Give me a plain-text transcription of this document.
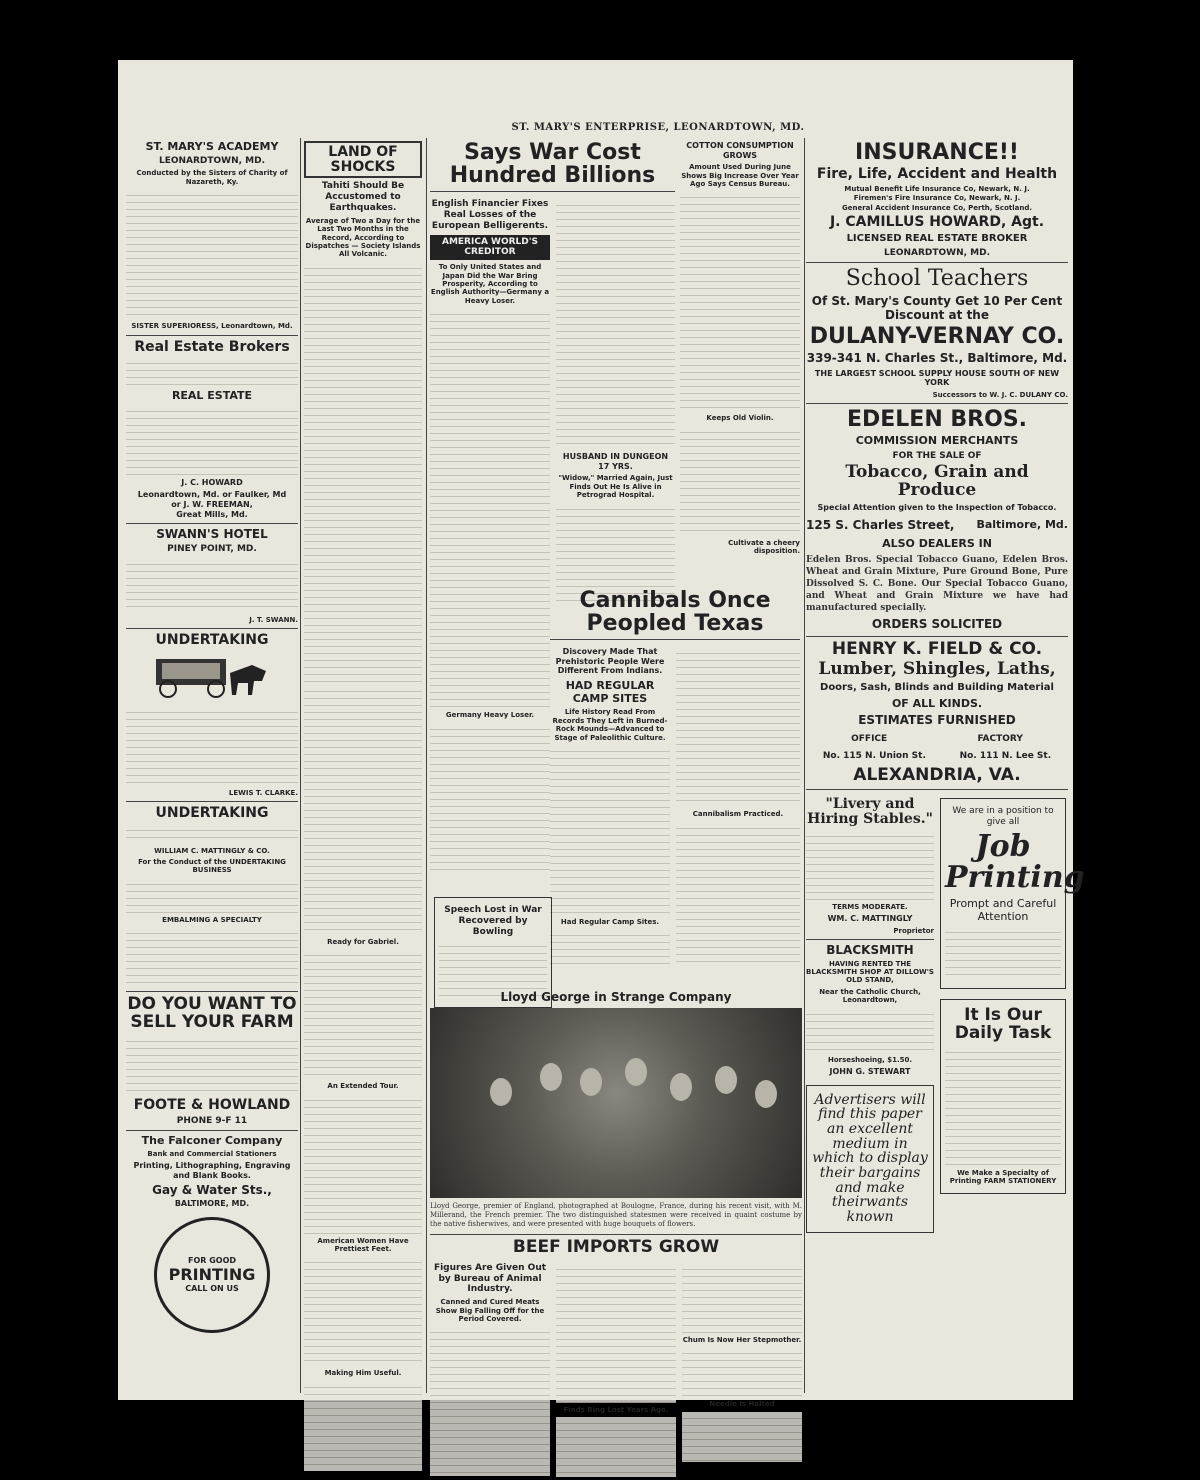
ST. MARY'S ENTERPRISE, LEONARDTOWN, MD.
ST. MARY'S ACADEMY
LEONARDTOWN, MD.
Conducted by the Sisters of Charity of Nazareth, Ky.
SISTER SUPERIORESS, Leonardtown, Md.
Real Estate Brokers
REAL ESTATE
J. C. HOWARD
Leonardtown, Md. or Faulker, Md
or J. W. FREEMAN,
Great Mills, Md.
SWANN'S HOTEL
PINEY POINT, MD.
J. T. SWANN.
UNDERTAKING
LEWIS T. CLARKE.
UNDERTAKING
WILLIAM C. MATTINGLY & CO.
For the Conduct of the UNDERTAKING BUSINESS
EMBALMING A SPECIALTY
DO YOU WANT TO SELL YOUR FARM
FOOTE & HOWLAND
PHONE 9-F 11
The Falconer Company
Bank and Commercial Stationers
Printing, Lithographing, Engraving and Blank Books.
Gay & Water Sts.,
BALTIMORE, MD.
FOR GOOD
PRINTING
CALL ON US
LAND OF SHOCKS
Tahiti Should Be Accustomed to Earthquakes.
Average of Two a Day for the Last Two Months in the Record, According to Dispatches — Society Islands All Volcanic.
Ready for Gabriel.
An Extended Tour.
American Women Have Prettiest Feet.
Making Him Useful.
Says War Cost Hundred Billions
English Financier Fixes Real Losses of the European Belligerents.
AMERICA WORLD'S CREDITOR
To Only United States and Japan Did the War Bring Prosperity, According to English Authority—Germany a Heavy Loser.
Germany Heavy Loser.
HUSBAND IN DUNGEON 17 YRS.
"Widow," Married Again, Just Finds Out He Is Alive in Petrograd Hospital.
COTTON CONSUMPTION GROWS
Amount Used During June Shows Big Increase Over Year Ago Says Census Bureau.
Keeps Old Violin.
Cultivate a cheery disposition.
Cannibals Once Peopled Texas
Discovery Made That Prehistoric People Were Different From Indians.
HAD REGULAR CAMP SITES
Life History Read From Records They Left in Burned-Rock Mounds—Advanced to Stage of Paleolithic Culture.
Had Regular Camp Sites.
Cannibalism Practiced.
Speech Lost in War Recovered by Bowling
Lloyd George in Strange Company
Lloyd George, premier of England, photographed at Boulogne, France, during his recent visit, with M. Millerand, the French premier. The two distinguished statesmen were received in quaint costume by the native fisherwives, and were presented with huge bouquets of flowers.
BEEF IMPORTS GROW
Figures Are Given Out by Bureau of Animal Industry.
Canned and Cured Meats Show Big Falling Off for the Period Covered.
Finds Ring Lost Years Ago.
Chum Is Now Her Stepmother.
Needle Is Halted
INSURANCE!!
Fire, Life, Accident and Health
Mutual Benefit Life Insurance Co, Newark, N. J.
Firemen's Fire Insurance Co, Newark, N. J.
General Accident Insurance Co, Perth, Scotland.
J. CAMILLUS HOWARD, Agt.
LICENSED REAL ESTATE BROKER
LEONARDTOWN, MD.
School Teachers
Of St. Mary's County Get 10 Per Cent Discount at the
DULANY-VERNAY CO.
339-341 N. Charles St., Baltimore, Md.
THE LARGEST SCHOOL SUPPLY HOUSE SOUTH OF NEW YORK
Successors to W. J. C. DULANY CO.
EDELEN BROS.
COMMISSION MERCHANTS
FOR THE SALE OF
Tobacco, Grain and Produce
Special Attention given to the Inspection of Tobacco.
125 S. Charles Street, Baltimore, Md.
ALSO DEALERS IN
Edelen Bros. Special Tobacco Guano, Edelen Bros. Wheat and Grain Mixture, Pure Ground Bone, Pure Dissolved S. C. Bone. Our Special Tobacco Guano, and Wheat and Grain Mixture we have had manufactured specially.
ORDERS SOLICITED
HENRY K. FIELD & CO.
Lumber, Shingles, Laths,
Doors, Sash, Blinds and Building Material
OF ALL KINDS.
ESTIMATES FURNISHED
OFFICE	FACTORY
No. 115 N. Union St.	No. 111 N. Lee St.
ALEXANDRIA, VA.
"Livery and Hiring Stables."
TERMS MODERATE.
WM. C. MATTINGLY
Proprietor
BLACKSMITH
HAVING RENTED THE BLACKSMITH SHOP AT DILLOW'S OLD STAND,
Near the Catholic Church, Leonardtown,
Horseshoeing, $1.50.
JOHN G. STEWART
Advertisers will find this paper an excellent medium in which to display their bargains and make theirwants known
We are in a position to give all
Job Printing
Prompt and Careful Attention
It Is Our Daily Task
We Make a Specialty of Printing FARM STATIONERY
